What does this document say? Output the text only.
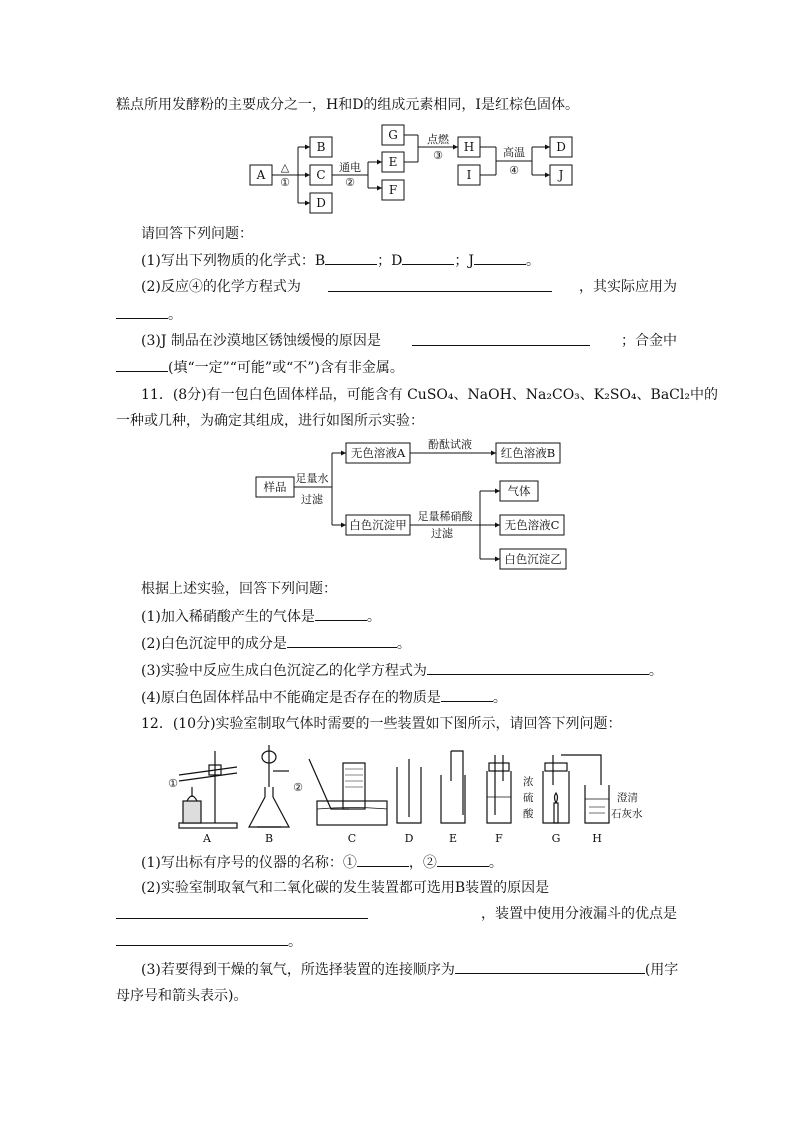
糕点所用发酵粉的主要成分之一，H和D的组成元素相同，I是红棕色固体。
A
B
C
D
G
E
F
H
I
D
J
△
①
通电
②
点燃
③	高温
④
请回答下列问题：
(1)写出下列物质的化学式：B	；D	；J	。
(2)反应④的化学方程式为	，其实际应用为
。
(3)J 制品在沙漠地区锈蚀缓慢的原因是	；合金中
(填“一定”“可能”或“不”)含有非金属。
11．(8分)有一包白色固体样品，可能含有 CuSO₄、NaOH、Na₂CO₃、K₂SO₄、BaCl₂中的
一种或几种，为确定其组成，进行如图所示实验：
样品
无色溶液A	红色溶液B
白色沉淀甲
气体
无色溶液C
白色沉淀乙
足量水
过滤
酚酞试液
足量稀硝酸
过滤
根据上述实验，回答下列问题：
(1)加入稀硝酸产生的气体是	。
(2)白色沉淀甲的成分是	。
(3)实验中反应生成白色沉淀乙的化学方程式为	。
(4)原白色固体样品中不能确定是否存在的物质是	。
12．(10分)实验室制取气体时需要的一些装置如下图所示，请回答下列问题：
A	B	C	D	E	F	G	H
①	②	浓
硫
酸
澄清
石灰水
(1)写出标有序号的仪器的名称：①	，②	。
(2)实验室制取氧气和二氧化碳的发生装置都可选用B装置的原因是
，装置中使用分液漏斗的优点是
。
(3)若要得到干燥的氧气，所选择装置的连接顺序为	(用字
母序号和箭头表示)。
